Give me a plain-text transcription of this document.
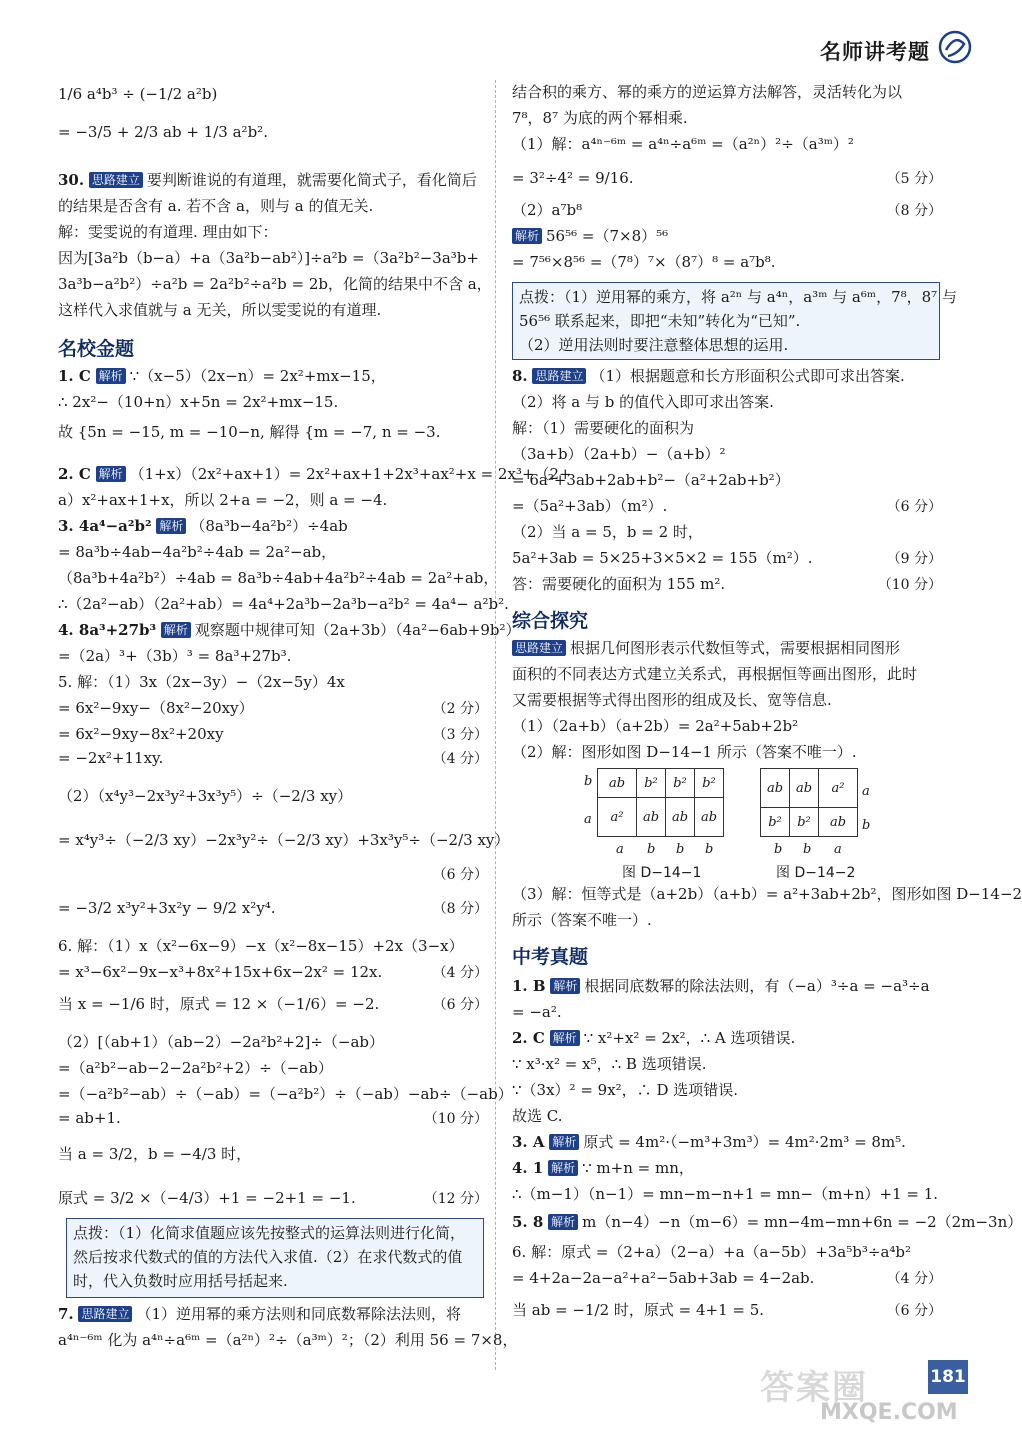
名师讲考题
1/6 a⁴b³ ÷ (−1/2 a²b)
= −3/5 + 2/3 ab + 1/3 a²b².
30. 思路建立 要判断谁说的有道理，就需要化简式子，看化简后
的结果是否含有 a. 若不含 a，则与 a 的值无关.
解：雯雯说的有道理. 理由如下：
因为[3a²b（b−a）+a（3a²b−ab²）]÷a²b =（3a²b²−3a³b+
3a³b−a²b²）÷a²b = 2a²b²÷a²b = 2b，化简的结果中不含 a，
这样代入求值就与 a 无关，所以雯雯说的有道理.
名校金题
1. C 解析 ∵（x−5）（2x−n）= 2x²+mx−15，
∴ 2x²−（10+n）x+5n = 2x²+mx−15.
故 {5n = −15, m = −10−n, 解得 {m = −7, n = −3.
2. C 解析 （1+x）（2x²+ax+1）= 2x²+ax+1+2x³+ax²+x = 2x³+（2+
a）x²+ax+1+x，所以 2+a = −2，则 a = −4.
3. 4a⁴−a²b² 解析 （8a³b−4a²b²）÷4ab
= 8a³b÷4ab−4a²b²÷4ab = 2a²−ab，
（8a³b+4a²b²）÷4ab = 8a³b÷4ab+4a²b²÷4ab = 2a²+ab，
∴（2a²−ab）（2a²+ab）= 4a⁴+2a³b−2a³b−a²b² = 4a⁴− a²b².
4. 8a³+27b³ 解析 观察题中规律可知（2a+3b）（4a²−6ab+9b²）
=（2a）³+（3b）³ = 8a³+27b³.
5. 解：（1）3x（2x−3y）−（2x−5y）4x
= 6x²−9xy−（8x²−20xy）	（2 分）
= 6x²−9xy−8x²+20xy	（3 分）
= −2x²+11xy.	（4 分）
（2）（x⁴y³−2x³y²+3x³y⁵）÷（−2/3 xy）
= x⁴y³÷（−2/3 xy）−2x³y²÷（−2/3 xy）+3x³y⁵÷（−2/3 xy）
（6 分）
= −3/2 x³y²+3x²y − 9/2 x²y⁴.	（8 分）
6. 解：（1）x（x²−6x−9）−x（x²−8x−15）+2x（3−x）
= x³−6x²−9x−x³+8x²+15x+6x−2x² = 12x.	（4 分）
当 x = −1/6 时，原式 = 12 ×（−1/6）= −2.	（6 分）
（2）[（ab+1）（ab−2）−2a²b²+2]÷（−ab）
=（a²b²−ab−2−2a²b²+2）÷（−ab）
=（−a²b²−ab）÷（−ab）=（−a²b²）÷（−ab）−ab÷（−ab）
= ab+1.	（10 分）
当 a = 3/2，b = −4/3 时，
原式 = 3/2 ×（−4/3）+1 = −2+1 = −1.	（12 分）
点拨：（1）化简求值题应该先按整式的运算法则进行化简，
然后按求代数式的值的方法代入求值.（2）在求代数式的值
时，代入负数时应用括号括起来.
7. 思路建立 （1）逆用幂的乘方法则和同底数幂除法法则，将
a⁴ⁿ⁻⁶ᵐ 化为 a⁴ⁿ÷a⁶ᵐ =（a²ⁿ）²÷（a³ᵐ）²；（2）利用 56 = 7×8，
结合积的乘方、幂的乘方的逆运算方法解答，灵活转化为以
7⁸，8⁷ 为底的两个幂相乘.
（1）解：a⁴ⁿ⁻⁶ᵐ = a⁴ⁿ÷a⁶ᵐ =（a²ⁿ）²÷（a³ᵐ）²
= 3²÷4² = 9/16.	（5 分）
（2）a⁷b⁸	（8 分）
解析 56⁵⁶ =（7×8）⁵⁶
= 7⁵⁶×8⁵⁶ =（7⁸）⁷×（8⁷）⁸ = a⁷b⁸.
点拨：（1）逆用幂的乘方，将 a²ⁿ 与 a⁴ⁿ，a³ᵐ 与 a⁶ᵐ，7⁸，8⁷ 与
56⁵⁶ 联系起来，即把“未知”转化为“已知”.
（2）逆用法则时要注意整体思想的运用.
8. 思路建立 （1）根据题意和长方形面积公式即可求出答案.
（2）将 a 与 b 的值代入即可求出答案.
解：（1）需要硬化的面积为
（3a+b）（2a+b）−（a+b）²
= 6a²+3ab+2ab+b²−（a²+2ab+b²）
=（5a²+3ab）（m²）.	（6 分）
（2）当 a = 5，b = 2 时，
5a²+3ab = 5×25+3×5×2 = 155（m²）.	（9 分）
答：需要硬化的面积为 155 m².	（10 分）
综合探究
思路建立 根据几何图形表示代数恒等式，需要根据相同图形
面积的不同表达方式建立关系式，再根据恒等画出图形，此时
又需要根据等式得出图形的组成及长、宽等信息.
（1）（2a+b）（a+2b）= 2a²+5ab+2b²
（2）解：图形如图 D−14−1 所示（答案不唯一）.
ab	b²	b²	b²
a²	ab	ab	ab
b
a
a b b b
图 D−14−1
ab	ab	a²
b²	b²	ab
a
b
b b a
图 D−14−2
（3）解：恒等式是（a+2b）（a+b）= a²+3ab+2b²，图形如图 D−14−2
所示（答案不唯一）.
中考真题
1. B 解析 根据同底数幂的除法法则，有（−a）³÷a = −a³÷a
= −a².
2. C 解析 ∵ x²+x² = 2x²，∴ A 选项错误.
∵ x³·x² = x⁵，∴ B 选项错误.
∵（3x）² = 9x²，∴ D 选项错误.
故选 C.
3. A 解析 原式 = 4m²·（−m³+3m³）= 4m²·2m³ = 8m⁵.
4. 1 解析 ∵ m+n = mn，
∴（m−1）（n−1）= mn−m−n+1 = mn−（m+n）+1 = 1.
5. 8 解析 m（n−4）−n（m−6）= mn−4m−mn+6n = −2（2m−3n）
6. 解：原式 =（2+a）（2−a）+a（a−5b）+3a⁵b³÷a⁴b²
= 4+2a−2a−a²+a²−5ab+3ab = 4−2ab.	（4 分）
当 ab = −1/2 时，原式 = 4+1 = 5.	（6 分）
答案圈
MXQE.COM
181
